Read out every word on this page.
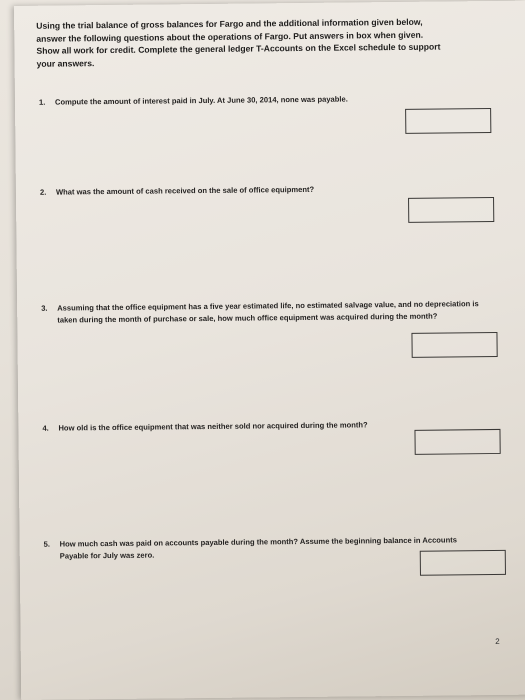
Using the trial balance of gross balances for Fargo and the additional information given below,
answer the following questions about the operations of Fargo. Put answers in box when given.
Show all work for credit. Complete the general ledger T-Accounts on the Excel schedule to support
your answers.
1. Compute the amount of interest paid in July. At June 30, 2014, none was payable.
2. What was the amount of cash received on the sale of office equipment?
3. Assuming that the office equipment has a five year estimated life, no estimated salvage value, and no depreciation is taken during the month of purchase or sale, how much office equipment was acquired during the month?
4. How old is the office equipment that was neither sold nor acquired during the month?
5. How much cash was paid on accounts payable during the month? Assume the beginning balance in Accounts Payable for July was zero.
2
